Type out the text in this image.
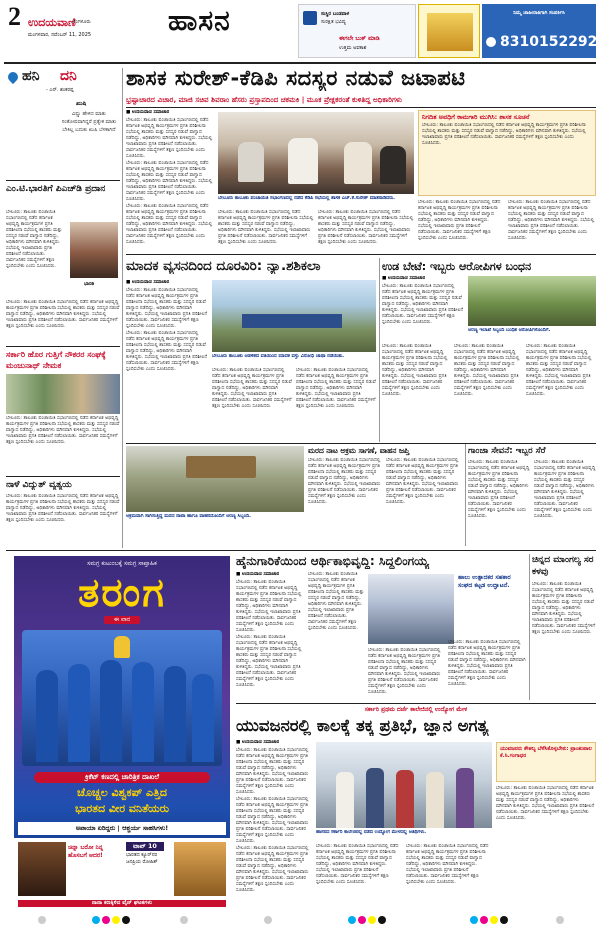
2 ಉದಯವಾಣಿ
ಬೆಂಗಳೂರು
ಮಂಗಳವಾರ, ನವೆಂಬರ್ 11, 2025	ಹಾಸನ	ಸುಸ್ಥಿರ ಬಂಡವಾಳ
ಸುರಕ್ಷಿತ ಭವಿಷ್ಯ
ಈಗಲೇ ಬುಕ್ ಮಾಡಿ
ಉತ್ತಮ ಅವಕಾಶ
ನಿಮ್ಮ ಜಾಹೀರಾತಿಗಾಗಿ ಸಂಪರ್ಕಿಸಿ
8310152292
ಹನಿ ದನಿ
- ಎನ್. ಶಂಕರಪ್ಪ
ಖುಷಿ
ವಿಷ್ಣು ಹೇಳಿದ ಮಾತು ಸಂತೋಷವಾಗಿದ್ದರೆ ಪ್ರತ್ಯೇಕ ಮಾತು ಬೇಕಿಲ್ಲ ಬದುಕು ಖುಷಿ ಬೆಳಕಾಗಿದೆ
ಎಂ.ಟಿ.ಭಾರತಿಗೆ ಪಿಎಚ್‌ಡಿ ಪ್ರದಾನ
ಬೇಲೂರು: ತಾಲೂಕು ಪಂಚಾಯಿತಿ ಸಭಾಂಗಣದಲ್ಲಿ ನಡೆದ ಕರ್ನಾಟಕ ಅಭಿವೃದ್ಧಿ ಕಾರ್ಯಕ್ರಮಗಳ ಪ್ರಗತಿ ಪರಿಶೀಲನಾ ಸಭೆಯಲ್ಲಿ ಶಾಸಕರು ಮತ್ತು ಸದಸ್ಯರ ನಡುವೆ ವಾಗ್ವಾದ ನಡೆದಿದ್ದು, ಅಧಿಕಾರಿಗಳು ಮೌನವಾಗಿ ಕುಳಿತಿದ್ದರು. ಸಭೆಯಲ್ಲಿ ಇಲಾಖಾವಾರು ಪ್ರಗತಿ ಪರಿಶೀಲನೆ ನಡೆಸಲಾಯಿತು. ಸಾರ್ವಜನಿಕರ ಸಮಸ್ಯೆಗಳಿಗೆ ತಕ್ಷಣ ಸ್ಪಂದಿಸಬೇಕು ಎಂದು ಸೂಚಿಸಿದರು.
ಭಾರತಿ
ಬೇಲೂರು: ತಾಲೂಕು ಪಂಚಾಯಿತಿ ಸಭಾಂಗಣದಲ್ಲಿ ನಡೆದ ಕರ್ನಾಟಕ ಅಭಿವೃದ್ಧಿ ಕಾರ್ಯಕ್ರಮಗಳ ಪ್ರಗತಿ ಪರಿಶೀಲನಾ ಸಭೆಯಲ್ಲಿ ಶಾಸಕರು ಮತ್ತು ಸದಸ್ಯರ ನಡುವೆ ವಾಗ್ವಾದ ನಡೆದಿದ್ದು, ಅಧಿಕಾರಿಗಳು ಮೌನವಾಗಿ ಕುಳಿತಿದ್ದರು. ಸಭೆಯಲ್ಲಿ ಇಲಾಖಾವಾರು ಪ್ರಗತಿ ಪರಿಶೀಲನೆ ನಡೆಸಲಾಯಿತು. ಸಾರ್ವಜನಿಕರ ಸಮಸ್ಯೆಗಳಿಗೆ ತಕ್ಷಣ ಸ್ಪಂದಿಸಬೇಕು ಎಂದು ಸೂಚಿಸಿದರು.
ಸರ್ಕಾರಿ ಹೊರ ಗುತ್ತಿಗೆ ನೌಕರರ ಸಂಘಕ್ಕೆ ಮಂಜುನಾಥ್ ನೇಮಕ
ಬೇಲೂರು: ತಾಲೂಕು ಪಂಚಾಯಿತಿ ಸಭಾಂಗಣದಲ್ಲಿ ನಡೆದ ಕರ್ನಾಟಕ ಅಭಿವೃದ್ಧಿ ಕಾರ್ಯಕ್ರಮಗಳ ಪ್ರಗತಿ ಪರಿಶೀಲನಾ ಸಭೆಯಲ್ಲಿ ಶಾಸಕರು ಮತ್ತು ಸದಸ್ಯರ ನಡುವೆ ವಾಗ್ವಾದ ನಡೆದಿದ್ದು, ಅಧಿಕಾರಿಗಳು ಮೌನವಾಗಿ ಕುಳಿತಿದ್ದರು. ಸಭೆಯಲ್ಲಿ ಇಲಾಖಾವಾರು ಪ್ರಗತಿ ಪರಿಶೀಲನೆ ನಡೆಸಲಾಯಿತು. ಸಾರ್ವಜನಿಕರ ಸಮಸ್ಯೆಗಳಿಗೆ ತಕ್ಷಣ ಸ್ಪಂದಿಸಬೇಕು ಎಂದು ಸೂಚಿಸಿದರು.
ನಾಳೆ ವಿದ್ಯುತ್ ವ್ಯತ್ಯಯ
ಬೇಲೂರು: ತಾಲೂಕು ಪಂಚಾಯಿತಿ ಸಭಾಂಗಣದಲ್ಲಿ ನಡೆದ ಕರ್ನಾಟಕ ಅಭಿವೃದ್ಧಿ ಕಾರ್ಯಕ್ರಮಗಳ ಪ್ರಗತಿ ಪರಿಶೀಲನಾ ಸಭೆಯಲ್ಲಿ ಶಾಸಕರು ಮತ್ತು ಸದಸ್ಯರ ನಡುವೆ ವಾಗ್ವಾದ ನಡೆದಿದ್ದು, ಅಧಿಕಾರಿಗಳು ಮೌನವಾಗಿ ಕುಳಿತಿದ್ದರು. ಸಭೆಯಲ್ಲಿ ಇಲಾಖಾವಾರು ಪ್ರಗತಿ ಪರಿಶೀಲನೆ ನಡೆಸಲಾಯಿತು. ಸಾರ್ವಜನಿಕರ ಸಮಸ್ಯೆಗಳಿಗೆ ತಕ್ಷಣ ಸ್ಪಂದಿಸಬೇಕು ಎಂದು ಸೂಚಿಸಿದರು.
ಶಾಸಕ ಸುರೇಶ್‌-ಕೆಡಿಪಿ ಸದಸ್ಯರ ನಡುವೆ ಜಟಾಪಟಿ
ಭ್ರಷ್ಟಾಚಾರದ ವಿಚಾರ, ಮಾಜಿ ಸಚಿವ ಶಿವರಾಂ ಹೆಸರು ಪ್ರಸ್ತಾಪದಿಂದ ಚಕಮಕಿ | ಮೂಕ ಪ್ರೇಕ್ಷಕರಂತೆ ಕುಳಿತಿದ್ದ ಅಧಿಕಾರಿಗಳು
■ ಉದಯವಾಣಿ ಸಮಾಚಾರ

ಬೇಲೂರು: ತಾಲೂಕು ಪಂಚಾಯಿತಿ ಸಭಾಂಗಣದಲ್ಲಿ ನಡೆದ ಕರ್ನಾಟಕ ಅಭಿವೃದ್ಧಿ ಕಾರ್ಯಕ್ರಮಗಳ ಪ್ರಗತಿ ಪರಿಶೀಲನಾ ಸಭೆಯಲ್ಲಿ ಶಾಸಕರು ಮತ್ತು ಸದಸ್ಯರ ನಡುವೆ ವಾಗ್ವಾದ ನಡೆದಿದ್ದು, ಅಧಿಕಾರಿಗಳು ಮೌನವಾಗಿ ಕುಳಿತಿದ್ದರು. ಸಭೆಯಲ್ಲಿ ಇಲಾಖಾವಾರು ಪ್ರಗತಿ ಪರಿಶೀಲನೆ ನಡೆಸಲಾಯಿತು. ಸಾರ್ವಜನಿಕರ ಸಮಸ್ಯೆಗಳಿಗೆ ತಕ್ಷಣ ಸ್ಪಂದಿಸಬೇಕು ಎಂದು ಸೂಚಿಸಿದರು.

ಬೇಲೂರು: ತಾಲೂಕು ಪಂಚಾಯಿತಿ ಸಭಾಂಗಣದಲ್ಲಿ ನಡೆದ ಕರ್ನಾಟಕ ಅಭಿವೃದ್ಧಿ ಕಾರ್ಯಕ್ರಮಗಳ ಪ್ರಗತಿ ಪರಿಶೀಲನಾ ಸಭೆಯಲ್ಲಿ ಶಾಸಕರು ಮತ್ತು ಸದಸ್ಯರ ನಡುವೆ ವಾಗ್ವಾದ ನಡೆದಿದ್ದು, ಅಧಿಕಾರಿಗಳು ಮೌನವಾಗಿ ಕುಳಿತಿದ್ದರು. ಸಭೆಯಲ್ಲಿ ಇಲಾಖಾವಾರು ಪ್ರಗತಿ ಪರಿಶೀಲನೆ ನಡೆಸಲಾಯಿತು. ಸಾರ್ವಜನಿಕರ ಸಮಸ್ಯೆಗಳಿಗೆ ತಕ್ಷಣ ಸ್ಪಂದಿಸಬೇಕು ಎಂದು ಸೂಚಿಸಿದರು.

ಬೇಲೂರು: ತಾಲೂಕು ಪಂಚಾಯಿತಿ ಸಭಾಂಗಣದಲ್ಲಿ ನಡೆದ ಕರ್ನಾಟಕ ಅಭಿವೃದ್ಧಿ ಕಾರ್ಯಕ್ರಮಗಳ ಪ್ರಗತಿ ಪರಿಶೀಲನಾ ಸಭೆಯಲ್ಲಿ ಶಾಸಕರು ಮತ್ತು ಸದಸ್ಯರ ನಡುವೆ ವಾಗ್ವಾದ ನಡೆದಿದ್ದು, ಅಧಿಕಾರಿಗಳು ಮೌನವಾಗಿ ಕುಳಿತಿದ್ದರು. ಸಭೆಯಲ್ಲಿ ಇಲಾಖಾವಾರು ಪ್ರಗತಿ ಪರಿಶೀಲನೆ ನಡೆಸಲಾಯಿತು. ಸಾರ್ವಜನಿಕರ ಸಮಸ್ಯೆಗಳಿಗೆ ತಕ್ಷಣ ಸ್ಪಂದಿಸಬೇಕು ಎಂದು ಸೂಚಿಸಿದರು.

ಬೇಲೂರು ತಾಲೂಕು ಪಂಚಾಯಿತಿ ಸಭಾಂಗಣದಲ್ಲಿ ನಡೆದ ಕೆಡಿಪಿ ಸಭೆಯಲ್ಲಿ ಶಾಸಕ ಎಚ್.ಕೆ.ಸುರೇಶ್ ಮಾತನಾಡಿದರು.
ಬೇಲೂರು: ತಾಲೂಕು ಪಂಚಾಯಿತಿ ಸಭಾಂಗಣದಲ್ಲಿ ನಡೆದ ಕರ್ನಾಟಕ ಅಭಿವೃದ್ಧಿ ಕಾರ್ಯಕ್ರಮಗಳ ಪ್ರಗತಿ ಪರಿಶೀಲನಾ ಸಭೆಯಲ್ಲಿ ಶಾಸಕರು ಮತ್ತು ಸದಸ್ಯರ ನಡುವೆ ವಾಗ್ವಾದ ನಡೆದಿದ್ದು, ಅಧಿಕಾರಿಗಳು ಮೌನವಾಗಿ ಕುಳಿತಿದ್ದರು. ಸಭೆಯಲ್ಲಿ ಇಲಾಖಾವಾರು ಪ್ರಗತಿ ಪರಿಶೀಲನೆ ನಡೆಸಲಾಯಿತು. ಸಾರ್ವಜನಿಕರ ಸಮಸ್ಯೆಗಳಿಗೆ ತಕ್ಷಣ ಸ್ಪಂದಿಸಬೇಕು ಎಂದು ಸೂಚಿಸಿದರು.
ಬೇಲೂರು: ತಾಲೂಕು ಪಂಚಾಯಿತಿ ಸಭಾಂಗಣದಲ್ಲಿ ನಡೆದ ಕರ್ನಾಟಕ ಅಭಿವೃದ್ಧಿ ಕಾರ್ಯಕ್ರಮಗಳ ಪ್ರಗತಿ ಪರಿಶೀಲನಾ ಸಭೆಯಲ್ಲಿ ಶಾಸಕರು ಮತ್ತು ಸದಸ್ಯರ ನಡುವೆ ವಾಗ್ವಾದ ನಡೆದಿದ್ದು, ಅಧಿಕಾರಿಗಳು ಮೌನವಾಗಿ ಕುಳಿತಿದ್ದರು. ಸಭೆಯಲ್ಲಿ ಇಲಾಖಾವಾರು ಪ್ರಗತಿ ಪರಿಶೀಲನೆ ನಡೆಸಲಾಯಿತು. ಸಾರ್ವಜನಿಕರ ಸಮಸ್ಯೆಗಳಿಗೆ ತಕ್ಷಣ ಸ್ಪಂದಿಸಬೇಕು ಎಂದು ಸೂಚಿಸಿದರು.
ನಿಗದಿತ ಅವಧಿಗೆ ಕಾಮಗಾರಿ ಮುಗಿಸಿ: ಶಾಸಕ ಸೂಚನೆ
ಬೇಲೂರು: ತಾಲೂಕು ಪಂಚಾಯಿತಿ ಸಭಾಂಗಣದಲ್ಲಿ ನಡೆದ ಕರ್ನಾಟಕ ಅಭಿವೃದ್ಧಿ ಕಾರ್ಯಕ್ರಮಗಳ ಪ್ರಗತಿ ಪರಿಶೀಲನಾ ಸಭೆಯಲ್ಲಿ ಶಾಸಕರು ಮತ್ತು ಸದಸ್ಯರ ನಡುವೆ ವಾಗ್ವಾದ ನಡೆದಿದ್ದು, ಅಧಿಕಾರಿಗಳು ಮೌನವಾಗಿ ಕುಳಿತಿದ್ದರು. ಸಭೆಯಲ್ಲಿ ಇಲಾಖಾವಾರು ಪ್ರಗತಿ ಪರಿಶೀಲನೆ ನಡೆಸಲಾಯಿತು. ಸಾರ್ವಜನಿಕರ ಸಮಸ್ಯೆಗಳಿಗೆ ತಕ್ಷಣ ಸ್ಪಂದಿಸಬೇಕು ಎಂದು ಸೂಚಿಸಿದರು.
ಬೇಲೂರು: ತಾಲೂಕು ಪಂಚಾಯಿತಿ ಸಭಾಂಗಣದಲ್ಲಿ ನಡೆದ ಕರ್ನಾಟಕ ಅಭಿವೃದ್ಧಿ ಕಾರ್ಯಕ್ರಮಗಳ ಪ್ರಗತಿ ಪರಿಶೀಲನಾ ಸಭೆಯಲ್ಲಿ ಶಾಸಕರು ಮತ್ತು ಸದಸ್ಯರ ನಡುವೆ ವಾಗ್ವಾದ ನಡೆದಿದ್ದು, ಅಧಿಕಾರಿಗಳು ಮೌನವಾಗಿ ಕುಳಿತಿದ್ದರು. ಸಭೆಯಲ್ಲಿ ಇಲಾಖಾವಾರು ಪ್ರಗತಿ ಪರಿಶೀಲನೆ ನಡೆಸಲಾಯಿತು. ಸಾರ್ವಜನಿಕರ ಸಮಸ್ಯೆಗಳಿಗೆ ತಕ್ಷಣ ಸ್ಪಂದಿಸಬೇಕು ಎಂದು ಸೂಚಿಸಿದರು.
ಬೇಲೂರು: ತಾಲೂಕು ಪಂಚಾಯಿತಿ ಸಭಾಂಗಣದಲ್ಲಿ ನಡೆದ ಕರ್ನಾಟಕ ಅಭಿವೃದ್ಧಿ ಕಾರ್ಯಕ್ರಮಗಳ ಪ್ರಗತಿ ಪರಿಶೀಲನಾ ಸಭೆಯಲ್ಲಿ ಶಾಸಕರು ಮತ್ತು ಸದಸ್ಯರ ನಡುವೆ ವಾಗ್ವಾದ ನಡೆದಿದ್ದು, ಅಧಿಕಾರಿಗಳು ಮೌನವಾಗಿ ಕುಳಿತಿದ್ದರು. ಸಭೆಯಲ್ಲಿ ಇಲಾಖಾವಾರು ಪ್ರಗತಿ ಪರಿಶೀಲನೆ ನಡೆಸಲಾಯಿತು. ಸಾರ್ವಜನಿಕರ ಸಮಸ್ಯೆಗಳಿಗೆ ತಕ್ಷಣ ಸ್ಪಂದಿಸಬೇಕು ಎಂದು ಸೂಚಿಸಿದರು.
ಮಾದಕ ವ್ಯಸನದಿಂದ ದೂರವಿರಿ: ನ್ಯಾ.ಶಶಿಕಲಾ
■ ಉದಯವಾಣಿ ಸಮಾಚಾರ

ಬೇಲೂರು: ತಾಲೂಕು ಪಂಚಾಯಿತಿ ಸಭಾಂಗಣದಲ್ಲಿ ನಡೆದ ಕರ್ನಾಟಕ ಅಭಿವೃದ್ಧಿ ಕಾರ್ಯಕ್ರಮಗಳ ಪ್ರಗತಿ ಪರಿಶೀಲನಾ ಸಭೆಯಲ್ಲಿ ಶಾಸಕರು ಮತ್ತು ಸದಸ್ಯರ ನಡುವೆ ವಾಗ್ವಾದ ನಡೆದಿದ್ದು, ಅಧಿಕಾರಿಗಳು ಮೌನವಾಗಿ ಕುಳಿತಿದ್ದರು. ಸಭೆಯಲ್ಲಿ ಇಲಾಖಾವಾರು ಪ್ರಗತಿ ಪರಿಶೀಲನೆ ನಡೆಸಲಾಯಿತು. ಸಾರ್ವಜನಿಕರ ಸಮಸ್ಯೆಗಳಿಗೆ ತಕ್ಷಣ ಸ್ಪಂದಿಸಬೇಕು ಎಂದು ಸೂಚಿಸಿದರು.

ಬೇಲೂರು: ತಾಲೂಕು ಪಂಚಾಯಿತಿ ಸಭಾಂಗಣದಲ್ಲಿ ನಡೆದ ಕರ್ನಾಟಕ ಅಭಿವೃದ್ಧಿ ಕಾರ್ಯಕ್ರಮಗಳ ಪ್ರಗತಿ ಪರಿಶೀಲನಾ ಸಭೆಯಲ್ಲಿ ಶಾಸಕರು ಮತ್ತು ಸದಸ್ಯರ ನಡುವೆ ವಾಗ್ವಾದ ನಡೆದಿದ್ದು, ಅಧಿಕಾರಿಗಳು ಮೌನವಾಗಿ ಕುಳಿತಿದ್ದರು. ಸಭೆಯಲ್ಲಿ ಇಲಾಖಾವಾರು ಪ್ರಗತಿ ಪರಿಶೀಲನೆ ನಡೆಸಲಾಯಿತು. ಸಾರ್ವಜನಿಕರ ಸಮಸ್ಯೆಗಳಿಗೆ ತಕ್ಷಣ ಸ್ಪಂದಿಸಬೇಕು ಎಂದು ಸೂಚಿಸಿದರು.

ಬೇಲೂರು ತಾಲೂಕು ಆಡಳಿತದ ವತಿಯಿಂದ ಮಾದಕ ವಸ್ತು ವಿರೋಧಿ ಜಾಥಾ ನಡೆಯಿತು.
ಬೇಲೂರು: ತಾಲೂಕು ಪಂಚಾಯಿತಿ ಸಭಾಂಗಣದಲ್ಲಿ ನಡೆದ ಕರ್ನಾಟಕ ಅಭಿವೃದ್ಧಿ ಕಾರ್ಯಕ್ರಮಗಳ ಪ್ರಗತಿ ಪರಿಶೀಲನಾ ಸಭೆಯಲ್ಲಿ ಶಾಸಕರು ಮತ್ತು ಸದಸ್ಯರ ನಡುವೆ ವಾಗ್ವಾದ ನಡೆದಿದ್ದು, ಅಧಿಕಾರಿಗಳು ಮೌನವಾಗಿ ಕುಳಿತಿದ್ದರು. ಸಭೆಯಲ್ಲಿ ಇಲಾಖಾವಾರು ಪ್ರಗತಿ ಪರಿಶೀಲನೆ ನಡೆಸಲಾಯಿತು. ಸಾರ್ವಜನಿಕರ ಸಮಸ್ಯೆಗಳಿಗೆ ತಕ್ಷಣ ಸ್ಪಂದಿಸಬೇಕು ಎಂದು ಸೂಚಿಸಿದರು.
ಬೇಲೂರು: ತಾಲೂಕು ಪಂಚಾಯಿತಿ ಸಭಾಂಗಣದಲ್ಲಿ ನಡೆದ ಕರ್ನಾಟಕ ಅಭಿವೃದ್ಧಿ ಕಾರ್ಯಕ್ರಮಗಳ ಪ್ರಗತಿ ಪರಿಶೀಲನಾ ಸಭೆಯಲ್ಲಿ ಶಾಸಕರು ಮತ್ತು ಸದಸ್ಯರ ನಡುವೆ ವಾಗ್ವಾದ ನಡೆದಿದ್ದು, ಅಧಿಕಾರಿಗಳು ಮೌನವಾಗಿ ಕುಳಿತಿದ್ದರು. ಸಭೆಯಲ್ಲಿ ಇಲಾಖಾವಾರು ಪ್ರಗತಿ ಪರಿಶೀಲನೆ ನಡೆಸಲಾಯಿತು. ಸಾರ್ವಜನಿಕರ ಸಮಸ್ಯೆಗಳಿಗೆ ತಕ್ಷಣ ಸ್ಪಂದಿಸಬೇಕು ಎಂದು ಸೂಚಿಸಿದರು.
ಉಡ ಬೇಟೆ: ಇಬ್ಬರು ಆರೋಪಿಗಳ ಬಂಧನ
■ ಉದಯವಾಣಿ ಸಮಾಚಾರ

ಬೇಲೂರು: ತಾಲೂಕು ಪಂಚಾಯಿತಿ ಸಭಾಂಗಣದಲ್ಲಿ ನಡೆದ ಕರ್ನಾಟಕ ಅಭಿವೃದ್ಧಿ ಕಾರ್ಯಕ್ರಮಗಳ ಪ್ರಗತಿ ಪರಿಶೀಲನಾ ಸಭೆಯಲ್ಲಿ ಶಾಸಕರು ಮತ್ತು ಸದಸ್ಯರ ನಡುವೆ ವಾಗ್ವಾದ ನಡೆದಿದ್ದು, ಅಧಿಕಾರಿಗಳು ಮೌನವಾಗಿ ಕುಳಿತಿದ್ದರು. ಸಭೆಯಲ್ಲಿ ಇಲಾಖಾವಾರು ಪ್ರಗತಿ ಪರಿಶೀಲನೆ ನಡೆಸಲಾಯಿತು. ಸಾರ್ವಜನಿಕರ ಸಮಸ್ಯೆಗಳಿಗೆ ತಕ್ಷಣ ಸ್ಪಂದಿಸಬೇಕು ಎಂದು ಸೂಚಿಸಿದರು.

ಅರಣ್ಯ ಇಲಾಖೆ ಸಿಬ್ಬಂದಿ ಬಂಧಿತ ಆರೋಪಿಗಳೊಂದಿಗೆ.
ಬೇಲೂರು: ತಾಲೂಕು ಪಂಚಾಯಿತಿ ಸಭಾಂಗಣದಲ್ಲಿ ನಡೆದ ಕರ್ನಾಟಕ ಅಭಿವೃದ್ಧಿ ಕಾರ್ಯಕ್ರಮಗಳ ಪ್ರಗತಿ ಪರಿಶೀಲನಾ ಸಭೆಯಲ್ಲಿ ಶಾಸಕರು ಮತ್ತು ಸದಸ್ಯರ ನಡುವೆ ವಾಗ್ವಾದ ನಡೆದಿದ್ದು, ಅಧಿಕಾರಿಗಳು ಮೌನವಾಗಿ ಕುಳಿತಿದ್ದರು. ಸಭೆಯಲ್ಲಿ ಇಲಾಖಾವಾರು ಪ್ರಗತಿ ಪರಿಶೀಲನೆ ನಡೆಸಲಾಯಿತು. ಸಾರ್ವಜನಿಕರ ಸಮಸ್ಯೆಗಳಿಗೆ ತಕ್ಷಣ ಸ್ಪಂದಿಸಬೇಕು ಎಂದು ಸೂಚಿಸಿದರು.
ಬೇಲೂರು: ತಾಲೂಕು ಪಂಚಾಯಿತಿ ಸಭಾಂಗಣದಲ್ಲಿ ನಡೆದ ಕರ್ನಾಟಕ ಅಭಿವೃದ್ಧಿ ಕಾರ್ಯಕ್ರಮಗಳ ಪ್ರಗತಿ ಪರಿಶೀಲನಾ ಸಭೆಯಲ್ಲಿ ಶಾಸಕರು ಮತ್ತು ಸದಸ್ಯರ ನಡುವೆ ವಾಗ್ವಾದ ನಡೆದಿದ್ದು, ಅಧಿಕಾರಿಗಳು ಮೌನವಾಗಿ ಕುಳಿತಿದ್ದರು. ಸಭೆಯಲ್ಲಿ ಇಲಾಖಾವಾರು ಪ್ರಗತಿ ಪರಿಶೀಲನೆ ನಡೆಸಲಾಯಿತು. ಸಾರ್ವಜನಿಕರ ಸಮಸ್ಯೆಗಳಿಗೆ ತಕ್ಷಣ ಸ್ಪಂದಿಸಬೇಕು ಎಂದು ಸೂಚಿಸಿದರು.
ಬೇಲೂರು: ತಾಲೂಕು ಪಂಚಾಯಿತಿ ಸಭಾಂಗಣದಲ್ಲಿ ನಡೆದ ಕರ್ನಾಟಕ ಅಭಿವೃದ್ಧಿ ಕಾರ್ಯಕ್ರಮಗಳ ಪ್ರಗತಿ ಪರಿಶೀಲನಾ ಸಭೆಯಲ್ಲಿ ಶಾಸಕರು ಮತ್ತು ಸದಸ್ಯರ ನಡುವೆ ವಾಗ್ವಾದ ನಡೆದಿದ್ದು, ಅಧಿಕಾರಿಗಳು ಮೌನವಾಗಿ ಕುಳಿತಿದ್ದರು. ಸಭೆಯಲ್ಲಿ ಇಲಾಖಾವಾರು ಪ್ರಗತಿ ಪರಿಶೀಲನೆ ನಡೆಸಲಾಯಿತು. ಸಾರ್ವಜನಿಕರ ಸಮಸ್ಯೆಗಳಿಗೆ ತಕ್ಷಣ ಸ್ಪಂದಿಸಬೇಕು ಎಂದು ಸೂಚಿಸಿದರು.
ಅಕ್ರಮವಾಗಿ ಸಾಗಿಸುತ್ತಿದ್ದ ಮರದ ನಾಟಾ ಹಾಗೂ ವಾಹನದೊಂದಿಗೆ ಅರಣ್ಯ ಸಿಬ್ಬಂದಿ.
ಮರದ ನಾಟ ಅಕ್ರಮ ಸಾಗಣೆ, ವಾಹನ ಜಪ್ತಿ
ಬೇಲೂರು: ತಾಲೂಕು ಪಂಚಾಯಿತಿ ಸಭಾಂಗಣದಲ್ಲಿ ನಡೆದ ಕರ್ನಾಟಕ ಅಭಿವೃದ್ಧಿ ಕಾರ್ಯಕ್ರಮಗಳ ಪ್ರಗತಿ ಪರಿಶೀಲನಾ ಸಭೆಯಲ್ಲಿ ಶಾಸಕರು ಮತ್ತು ಸದಸ್ಯರ ನಡುವೆ ವಾಗ್ವಾದ ನಡೆದಿದ್ದು, ಅಧಿಕಾರಿಗಳು ಮೌನವಾಗಿ ಕುಳಿತಿದ್ದರು. ಸಭೆಯಲ್ಲಿ ಇಲಾಖಾವಾರು ಪ್ರಗತಿ ಪರಿಶೀಲನೆ ನಡೆಸಲಾಯಿತು. ಸಾರ್ವಜನಿಕರ ಸಮಸ್ಯೆಗಳಿಗೆ ತಕ್ಷಣ ಸ್ಪಂದಿಸಬೇಕು ಎಂದು ಸೂಚಿಸಿದರು.
ಬೇಲೂರು: ತಾಲೂಕು ಪಂಚಾಯಿತಿ ಸಭಾಂಗಣದಲ್ಲಿ ನಡೆದ ಕರ್ನಾಟಕ ಅಭಿವೃದ್ಧಿ ಕಾರ್ಯಕ್ರಮಗಳ ಪ್ರಗತಿ ಪರಿಶೀಲನಾ ಸಭೆಯಲ್ಲಿ ಶಾಸಕರು ಮತ್ತು ಸದಸ್ಯರ ನಡುವೆ ವಾಗ್ವಾದ ನಡೆದಿದ್ದು, ಅಧಿಕಾರಿಗಳು ಮೌನವಾಗಿ ಕುಳಿತಿದ್ದರು. ಸಭೆಯಲ್ಲಿ ಇಲಾಖಾವಾರು ಪ್ರಗತಿ ಪರಿಶೀಲನೆ ನಡೆಸಲಾಯಿತು. ಸಾರ್ವಜನಿಕರ ಸಮಸ್ಯೆಗಳಿಗೆ ತಕ್ಷಣ ಸ್ಪಂದಿಸಬೇಕು ಎಂದು ಸೂಚಿಸಿದರು.
ಗಾಂಜಾ ಸೇವನೆ: ಇಬ್ಬರ ಸೆರೆ
ಬೇಲೂರು: ತಾಲೂಕು ಪಂಚಾಯಿತಿ ಸಭಾಂಗಣದಲ್ಲಿ ನಡೆದ ಕರ್ನಾಟಕ ಅಭಿವೃದ್ಧಿ ಕಾರ್ಯಕ್ರಮಗಳ ಪ್ರಗತಿ ಪರಿಶೀಲನಾ ಸಭೆಯಲ್ಲಿ ಶಾಸಕರು ಮತ್ತು ಸದಸ್ಯರ ನಡುವೆ ವಾಗ್ವಾದ ನಡೆದಿದ್ದು, ಅಧಿಕಾರಿಗಳು ಮೌನವಾಗಿ ಕುಳಿತಿದ್ದರು. ಸಭೆಯಲ್ಲಿ ಇಲಾಖಾವಾರು ಪ್ರಗತಿ ಪರಿಶೀಲನೆ ನಡೆಸಲಾಯಿತು. ಸಾರ್ವಜನಿಕರ ಸಮಸ್ಯೆಗಳಿಗೆ ತಕ್ಷಣ ಸ್ಪಂದಿಸಬೇಕು ಎಂದು ಸೂಚಿಸಿದರು.
ಬೇಲೂರು: ತಾಲೂಕು ಪಂಚಾಯಿತಿ ಸಭಾಂಗಣದಲ್ಲಿ ನಡೆದ ಕರ್ನಾಟಕ ಅಭಿವೃದ್ಧಿ ಕಾರ್ಯಕ್ರಮಗಳ ಪ್ರಗತಿ ಪರಿಶೀಲನಾ ಸಭೆಯಲ್ಲಿ ಶಾಸಕರು ಮತ್ತು ಸದಸ್ಯರ ನಡುವೆ ವಾಗ್ವಾದ ನಡೆದಿದ್ದು, ಅಧಿಕಾರಿಗಳು ಮೌನವಾಗಿ ಕುಳಿತಿದ್ದರು. ಸಭೆಯಲ್ಲಿ ಇಲಾಖಾವಾರು ಪ್ರಗತಿ ಪರಿಶೀಲನೆ ನಡೆಸಲಾಯಿತು. ಸಾರ್ವಜನಿಕರ ಸಮಸ್ಯೆಗಳಿಗೆ ತಕ್ಷಣ ಸ್ಪಂದಿಸಬೇಕು ಎಂದು ಸೂಚಿಸಿದರು.
ಸಮಗ್ರ ಕುಟುಂಬಕ್ಕೆ ಸಮಗ್ರ ಸಾಪ್ತಾಹಿಕ
ತರಂಗ
ಈ ವಾರ
ಕ್ರಿಕೆಟ್ ಕಣದಲ್ಲಿ ಚಾರಿತ್ರಿಕ ದಾಖಲೆ
ಚೊಚ್ಚಲ ವಿಶ್ವಕಪ್ ಎತ್ತಿದ
ಭಾರತದ ವೀರ ವನಿತೆಯರು
ಅಪಾಯಾ ಏರಿದ್ದರು | ಆಶ್ಚರ್ಯ ಸಾಹಸಿಗಳು!
ಚಿನ್ನಾ ಬರೋ ನಿನ್ನ ಹೊಸಬಗೆ ಆದರ!
ಟಾಪ್ 10
ಭಾರತದ ಕ್ಯೂರ್‌ನರ ಜನಪ್ರಿಯ ರೋಹಿತ್
ನಾನಾ ಕಣಕ್ಕಿಳಿದ ವೈನ್ ಘಟಕಗಳು
ಹೈನುಗಾರಿಕೆಯಿಂದ ಆರ್ಥಿಕಾಭಿವೃದ್ಧಿ: ಸಿದ್ದಲಿಂಗಯ್ಯ
■ ಉದಯವಾಣಿ ಸಮಾಚಾರ

ಬೇಲೂರು: ತಾಲೂಕು ಪಂಚಾಯಿತಿ ಸಭಾಂಗಣದಲ್ಲಿ ನಡೆದ ಕರ್ನಾಟಕ ಅಭಿವೃದ್ಧಿ ಕಾರ್ಯಕ್ರಮಗಳ ಪ್ರಗತಿ ಪರಿಶೀಲನಾ ಸಭೆಯಲ್ಲಿ ಶಾಸಕರು ಮತ್ತು ಸದಸ್ಯರ ನಡುವೆ ವಾಗ್ವಾದ ನಡೆದಿದ್ದು, ಅಧಿಕಾರಿಗಳು ಮೌನವಾಗಿ ಕುಳಿತಿದ್ದರು. ಸಭೆಯಲ್ಲಿ ಇಲಾಖಾವಾರು ಪ್ರಗತಿ ಪರಿಶೀಲನೆ ನಡೆಸಲಾಯಿತು. ಸಾರ್ವಜನಿಕರ ಸಮಸ್ಯೆಗಳಿಗೆ ತಕ್ಷಣ ಸ್ಪಂದಿಸಬೇಕು ಎಂದು ಸೂಚಿಸಿದರು.

ಬೇಲೂರು: ತಾಲೂಕು ಪಂಚಾಯಿತಿ ಸಭಾಂಗಣದಲ್ಲಿ ನಡೆದ ಕರ್ನಾಟಕ ಅಭಿವೃದ್ಧಿ ಕಾರ್ಯಕ್ರಮಗಳ ಪ್ರಗತಿ ಪರಿಶೀಲನಾ ಸಭೆಯಲ್ಲಿ ಶಾಸಕರು ಮತ್ತು ಸದಸ್ಯರ ನಡುವೆ ವಾಗ್ವಾದ ನಡೆದಿದ್ದು, ಅಧಿಕಾರಿಗಳು ಮೌನವಾಗಿ ಕುಳಿತಿದ್ದರು. ಸಭೆಯಲ್ಲಿ ಇಲಾಖಾವಾರು ಪ್ರಗತಿ ಪರಿಶೀಲನೆ ನಡೆಸಲಾಯಿತು. ಸಾರ್ವಜನಿಕರ ಸಮಸ್ಯೆಗಳಿಗೆ ತಕ್ಷಣ ಸ್ಪಂದಿಸಬೇಕು ಎಂದು ಸೂಚಿಸಿದರು.

ಬೇಲೂರು: ತಾಲೂಕು ಪಂಚಾಯಿತಿ ಸಭಾಂಗಣದಲ್ಲಿ ನಡೆದ ಕರ್ನಾಟಕ ಅಭಿವೃದ್ಧಿ ಕಾರ್ಯಕ್ರಮಗಳ ಪ್ರಗತಿ ಪರಿಶೀಲನಾ ಸಭೆಯಲ್ಲಿ ಶಾಸಕರು ಮತ್ತು ಸದಸ್ಯರ ನಡುವೆ ವಾಗ್ವಾದ ನಡೆದಿದ್ದು, ಅಧಿಕಾರಿಗಳು ಮೌನವಾಗಿ ಕುಳಿತಿದ್ದರು. ಸಭೆಯಲ್ಲಿ ಇಲಾಖಾವಾರು ಪ್ರಗತಿ ಪರಿಶೀಲನೆ ನಡೆಸಲಾಯಿತು. ಸಾರ್ವಜನಿಕರ ಸಮಸ್ಯೆಗಳಿಗೆ ತಕ್ಷಣ ಸ್ಪಂದಿಸಬೇಕು ಎಂದು ಸೂಚಿಸಿದರು.
ಹಾಲು ಉತ್ಪಾದಕರ ಸಹಕಾರ ಸಂಘದ ಕಟ್ಟಡ ಉದ್ಘಾಟನೆ.
ಬೇಲೂರು: ತಾಲೂಕು ಪಂಚಾಯಿತಿ ಸಭಾಂಗಣದಲ್ಲಿ ನಡೆದ ಕರ್ನಾಟಕ ಅಭಿವೃದ್ಧಿ ಕಾರ್ಯಕ್ರಮಗಳ ಪ್ರಗತಿ ಪರಿಶೀಲನಾ ಸಭೆಯಲ್ಲಿ ಶಾಸಕರು ಮತ್ತು ಸದಸ್ಯರ ನಡುವೆ ವಾಗ್ವಾದ ನಡೆದಿದ್ದು, ಅಧಿಕಾರಿಗಳು ಮೌನವಾಗಿ ಕುಳಿತಿದ್ದರು. ಸಭೆಯಲ್ಲಿ ಇಲಾಖಾವಾರು ಪ್ರಗತಿ ಪರಿಶೀಲನೆ ನಡೆಸಲಾಯಿತು. ಸಾರ್ವಜನಿಕರ ಸಮಸ್ಯೆಗಳಿಗೆ ತಕ್ಷಣ ಸ್ಪಂದಿಸಬೇಕು ಎಂದು ಸೂಚಿಸಿದರು.
ಬೇಲೂರು: ತಾಲೂಕು ಪಂಚಾಯಿತಿ ಸಭಾಂಗಣದಲ್ಲಿ ನಡೆದ ಕರ್ನಾಟಕ ಅಭಿವೃದ್ಧಿ ಕಾರ್ಯಕ್ರಮಗಳ ಪ್ರಗತಿ ಪರಿಶೀಲನಾ ಸಭೆಯಲ್ಲಿ ಶಾಸಕರು ಮತ್ತು ಸದಸ್ಯರ ನಡುವೆ ವಾಗ್ವಾದ ನಡೆದಿದ್ದು, ಅಧಿಕಾರಿಗಳು ಮೌನವಾಗಿ ಕುಳಿತಿದ್ದರು. ಸಭೆಯಲ್ಲಿ ಇಲಾಖಾವಾರು ಪ್ರಗತಿ ಪರಿಶೀಲನೆ ನಡೆಸಲಾಯಿತು. ಸಾರ್ವಜನಿಕರ ಸಮಸ್ಯೆಗಳಿಗೆ ತಕ್ಷಣ ಸ್ಪಂದಿಸಬೇಕು ಎಂದು ಸೂಚಿಸಿದರು.
ಚಿನ್ನದ ಮಾಂಗಲ್ಯ ಸರ ಕಳವು
ಬೇಲೂರು: ತಾಲೂಕು ಪಂಚಾಯಿತಿ ಸಭಾಂಗಣದಲ್ಲಿ ನಡೆದ ಕರ್ನಾಟಕ ಅಭಿವೃದ್ಧಿ ಕಾರ್ಯಕ್ರಮಗಳ ಪ್ರಗತಿ ಪರಿಶೀಲನಾ ಸಭೆಯಲ್ಲಿ ಶಾಸಕರು ಮತ್ತು ಸದಸ್ಯರ ನಡುವೆ ವಾಗ್ವಾದ ನಡೆದಿದ್ದು, ಅಧಿಕಾರಿಗಳು ಮೌನವಾಗಿ ಕುಳಿತಿದ್ದರು. ಸಭೆಯಲ್ಲಿ ಇಲಾಖಾವಾರು ಪ್ರಗತಿ ಪರಿಶೀಲನೆ ನಡೆಸಲಾಯಿತು. ಸಾರ್ವಜನಿಕರ ಸಮಸ್ಯೆಗಳಿಗೆ ತಕ್ಷಣ ಸ್ಪಂದಿಸಬೇಕು ಎಂದು ಸೂಚಿಸಿದರು.
ಸರ್ಕಾರಿ ಪ್ರಥಮ ದರ್ಜೆ ಕಾಲೇಜಿನಲ್ಲಿ ಉದ್ಯೋಗ ಮೇಳ
ಯುವಜನರಲ್ಲಿ ಕಾಲಕ್ಕೆ ತಕ್ಕ ಪ್ರತಿಭೆ, ಜ್ಞಾನ ಅಗತ್ಯ
■ ಉದಯವಾಣಿ ಸಮಾಚಾರ

ಬೇಲೂರು: ತಾಲೂಕು ಪಂಚಾಯಿತಿ ಸಭಾಂಗಣದಲ್ಲಿ ನಡೆದ ಕರ್ನಾಟಕ ಅಭಿವೃದ್ಧಿ ಕಾರ್ಯಕ್ರಮಗಳ ಪ್ರಗತಿ ಪರಿಶೀಲನಾ ಸಭೆಯಲ್ಲಿ ಶಾಸಕರು ಮತ್ತು ಸದಸ್ಯರ ನಡುವೆ ವಾಗ್ವಾದ ನಡೆದಿದ್ದು, ಅಧಿಕಾರಿಗಳು ಮೌನವಾಗಿ ಕುಳಿತಿದ್ದರು. ಸಭೆಯಲ್ಲಿ ಇಲಾಖಾವಾರು ಪ್ರಗತಿ ಪರಿಶೀಲನೆ ನಡೆಸಲಾಯಿತು. ಸಾರ್ವಜನಿಕರ ಸಮಸ್ಯೆಗಳಿಗೆ ತಕ್ಷಣ ಸ್ಪಂದಿಸಬೇಕು ಎಂದು ಸೂಚಿಸಿದರು.

ಬೇಲೂರು: ತಾಲೂಕು ಪಂಚಾಯಿತಿ ಸಭಾಂಗಣದಲ್ಲಿ ನಡೆದ ಕರ್ನಾಟಕ ಅಭಿವೃದ್ಧಿ ಕಾರ್ಯಕ್ರಮಗಳ ಪ್ರಗತಿ ಪರಿಶೀಲನಾ ಸಭೆಯಲ್ಲಿ ಶಾಸಕರು ಮತ್ತು ಸದಸ್ಯರ ನಡುವೆ ವಾಗ್ವಾದ ನಡೆದಿದ್ದು, ಅಧಿಕಾರಿಗಳು ಮೌನವಾಗಿ ಕುಳಿತಿದ್ದರು. ಸಭೆಯಲ್ಲಿ ಇಲಾಖಾವಾರು ಪ್ರಗತಿ ಪರಿಶೀಲನೆ ನಡೆಸಲಾಯಿತು. ಸಾರ್ವಜನಿಕರ ಸಮಸ್ಯೆಗಳಿಗೆ ತಕ್ಷಣ ಸ್ಪಂದಿಸಬೇಕು ಎಂದು ಸೂಚಿಸಿದರು.

ಬೇಲೂರು: ತಾಲೂಕು ಪಂಚಾಯಿತಿ ಸಭಾಂಗಣದಲ್ಲಿ ನಡೆದ ಕರ್ನಾಟಕ ಅಭಿವೃದ್ಧಿ ಕಾರ್ಯಕ್ರಮಗಳ ಪ್ರಗತಿ ಪರಿಶೀಲನಾ ಸಭೆಯಲ್ಲಿ ಶಾಸಕರು ಮತ್ತು ಸದಸ್ಯರ ನಡುವೆ ವಾಗ್ವಾದ ನಡೆದಿದ್ದು, ಅಧಿಕಾರಿಗಳು ಮೌನವಾಗಿ ಕುಳಿತಿದ್ದರು. ಸಭೆಯಲ್ಲಿ ಇಲಾಖಾವಾರು ಪ್ರಗತಿ ಪರಿಶೀಲನೆ ನಡೆಸಲಾಯಿತು. ಸಾರ್ವಜನಿಕರ ಸಮಸ್ಯೆಗಳಿಗೆ ತಕ್ಷಣ ಸ್ಪಂದಿಸಬೇಕು ಎಂದು ಸೂಚಿಸಿದರು.

ಹಾಸನದ ಸರ್ಕಾರಿ ಕಾಲೇಜಿನಲ್ಲಿ ನಡೆದ ಉದ್ಯೋಗ ಮೇಳದಲ್ಲಿ ಅತಿಥಿಗಳು.
ಬೇಲೂರು: ತಾಲೂಕು ಪಂಚಾಯಿತಿ ಸಭಾಂಗಣದಲ್ಲಿ ನಡೆದ ಕರ್ನಾಟಕ ಅಭಿವೃದ್ಧಿ ಕಾರ್ಯಕ್ರಮಗಳ ಪ್ರಗತಿ ಪರಿಶೀಲನಾ ಸಭೆಯಲ್ಲಿ ಶಾಸಕರು ಮತ್ತು ಸದಸ್ಯರ ನಡುವೆ ವಾಗ್ವಾದ ನಡೆದಿದ್ದು, ಅಧಿಕಾರಿಗಳು ಮೌನವಾಗಿ ಕುಳಿತಿದ್ದರು. ಸಭೆಯಲ್ಲಿ ಇಲಾಖಾವಾರು ಪ್ರಗತಿ ಪರಿಶೀಲನೆ ನಡೆಸಲಾಯಿತು. ಸಾರ್ವಜನಿಕರ ಸಮಸ್ಯೆಗಳಿಗೆ ತಕ್ಷಣ ಸ್ಪಂದಿಸಬೇಕು ಎಂದು ಸೂಚಿಸಿದರು.
ಬೇಲೂರು: ತಾಲೂಕು ಪಂಚಾಯಿತಿ ಸಭಾಂಗಣದಲ್ಲಿ ನಡೆದ ಕರ್ನಾಟಕ ಅಭಿವೃದ್ಧಿ ಕಾರ್ಯಕ್ರಮಗಳ ಪ್ರಗತಿ ಪರಿಶೀಲನಾ ಸಭೆಯಲ್ಲಿ ಶಾಸಕರು ಮತ್ತು ಸದಸ್ಯರ ನಡುವೆ ವಾಗ್ವಾದ ನಡೆದಿದ್ದು, ಅಧಿಕಾರಿಗಳು ಮೌನವಾಗಿ ಕುಳಿತಿದ್ದರು. ಸಭೆಯಲ್ಲಿ ಇಲಾಖಾವಾರು ಪ್ರಗತಿ ಪರಿಶೀಲನೆ ನಡೆಸಲಾಯಿತು. ಸಾರ್ವಜನಿಕರ ಸಮಸ್ಯೆಗಳಿಗೆ ತಕ್ಷಣ ಸ್ಪಂದಿಸಬೇಕು ಎಂದು ಸೂಚಿಸಿದರು.
ಯುವಜನರು ಕೌಶಲ್ಯ ಬೆಳೆಸಿಕೊಳ್ಳಬೇಕು: ಪ್ರಾಂಶುಪಾಲ ಕೆ.ಸಿ.ಗಂಗಾಧರ
ಬೇಲೂರು: ತಾಲೂಕು ಪಂಚಾಯಿತಿ ಸಭಾಂಗಣದಲ್ಲಿ ನಡೆದ ಕರ್ನಾಟಕ ಅಭಿವೃದ್ಧಿ ಕಾರ್ಯಕ್ರಮಗಳ ಪ್ರಗತಿ ಪರಿಶೀಲನಾ ಸಭೆಯಲ್ಲಿ ಶಾಸಕರು ಮತ್ತು ಸದಸ್ಯರ ನಡುವೆ ವಾಗ್ವಾದ ನಡೆದಿದ್ದು, ಅಧಿಕಾರಿಗಳು ಮೌನವಾಗಿ ಕುಳಿತಿದ್ದರು. ಸಭೆಯಲ್ಲಿ ಇಲಾಖಾವಾರು ಪ್ರಗತಿ ಪರಿಶೀಲನೆ ನಡೆಸಲಾಯಿತು. ಸಾರ್ವಜನಿಕರ ಸಮಸ್ಯೆಗಳಿಗೆ ತಕ್ಷಣ ಸ್ಪಂದಿಸಬೇಕು ಎಂದು ಸೂಚಿಸಿದರು.
